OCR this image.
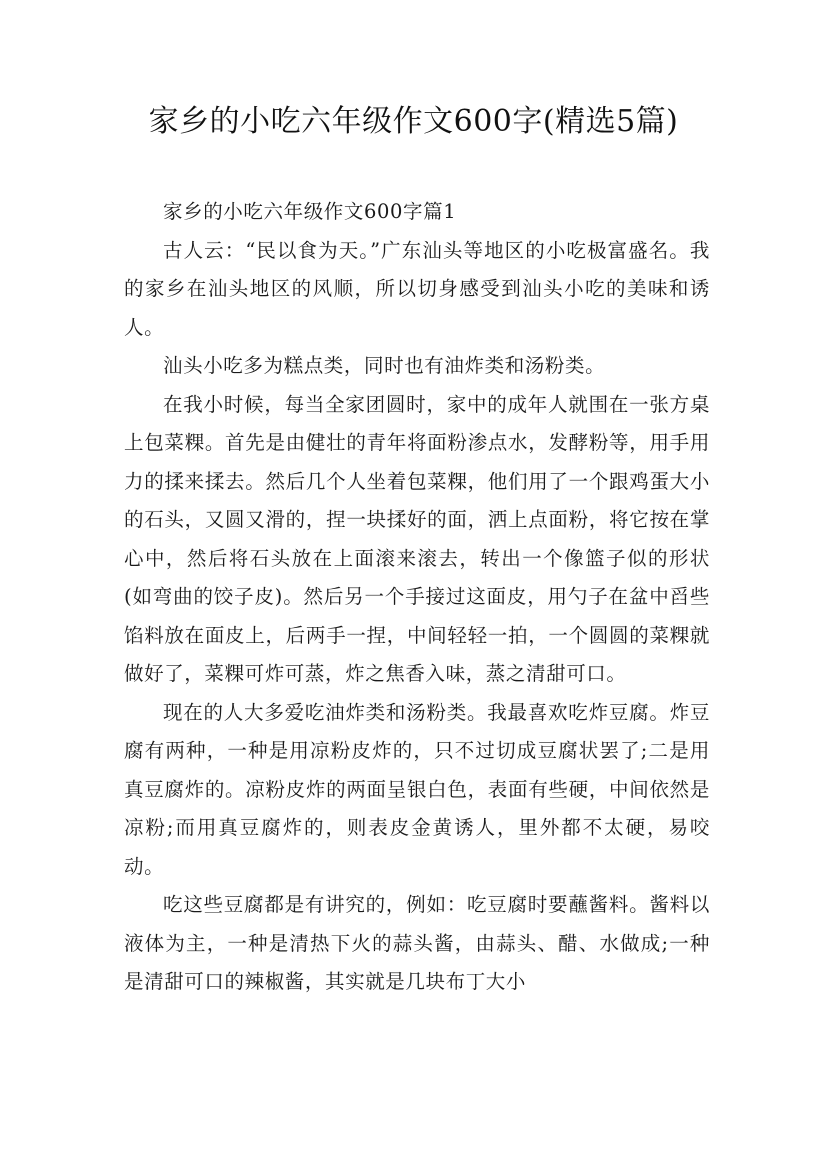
家乡的小吃六年级作文600字(精选5篇)

家乡的小吃六年级作文600字篇1

古人云：“民以食为天。”广东汕头等地区的小吃极富盛名。我的家乡在汕头地区的风顺，所以切身感受到汕头小吃的美味和诱人。

汕头小吃多为糕点类，同时也有油炸类和汤粉类。

在我小时候，每当全家团圆时，家中的成年人就围在一张方桌上包菜粿。首先是由健壮的青年将面粉渗点水，发酵粉等，用手用力的揉来揉去。然后几个人坐着包菜粿，他们用了一个跟鸡蛋大小的石头，又圆又滑的，捏一块揉好的面，洒上点面粉，将它按在掌心中，然后将石头放在上面滚来滚去，转出一个像篮子似的形状(如弯曲的饺子皮)。然后另一个手接过这面皮，用勺子在盆中舀些馅料放在面皮上，后两手一捏，中间轻轻一拍，一个圆圆的菜粿就做好了，菜粿可炸可蒸，炸之焦香入味，蒸之清甜可口。

现在的人大多爱吃油炸类和汤粉类。我最喜欢吃炸豆腐。炸豆腐有两种，一种是用凉粉皮炸的，只不过切成豆腐状罢了;二是用真豆腐炸的。凉粉皮炸的两面呈银白色，表面有些硬，中间依然是凉粉;而用真豆腐炸的，则表皮金黄诱人，里外都不太硬，易咬动。

吃这些豆腐都是有讲究的，例如：吃豆腐时要蘸酱料。酱料以液体为主，一种是清热下火的蒜头酱，由蒜头、醋、水做成;一种是清甜可口的辣椒酱，其实就是几块布丁大小
